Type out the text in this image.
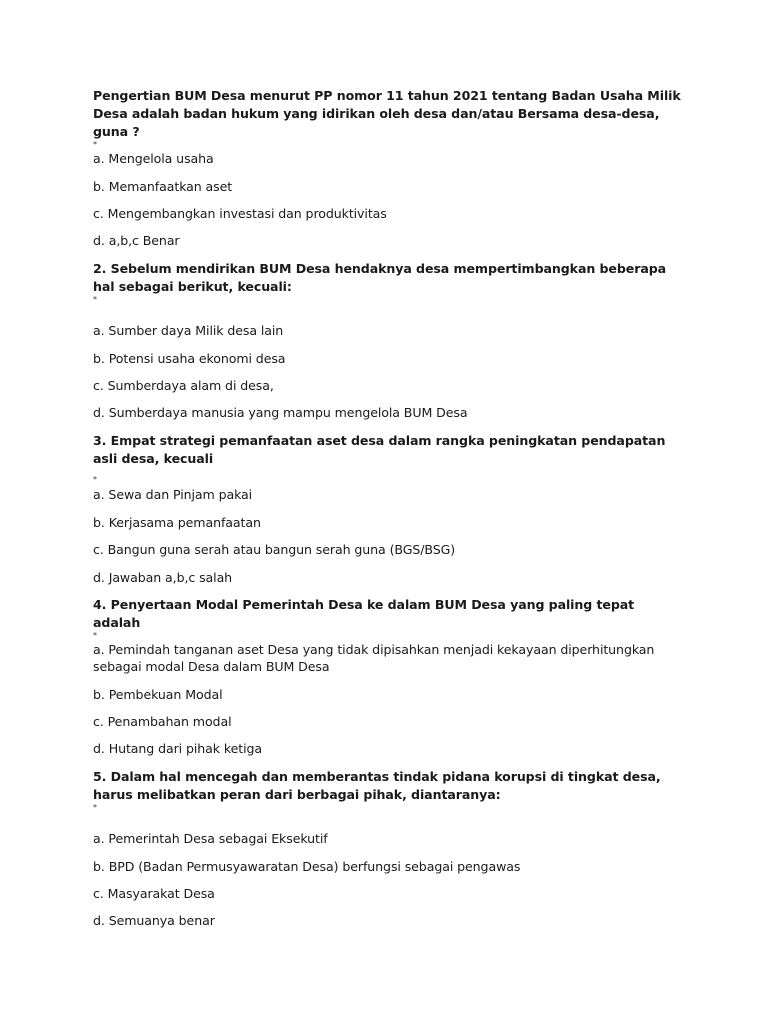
Pengertian BUM Desa menurut PP nomor 11 tahun 2021 tentang Badan Usaha Milik Desa adalah badan hukum yang idirikan oleh desa dan/atau Bersama desa-desa, guna ?

*

a. Mengelola usaha

b. Memanfaatkan aset

c. Mengembangkan investasi dan produktivitas

d. a,b,c Benar

2. Sebelum mendirikan BUM Desa hendaknya desa mempertimbangkan beberapa hal sebagai berikut, kecuali:

*

a. Sumber daya Milik desa lain

b. Potensi usaha ekonomi desa

c. Sumberdaya alam di desa,

d. Sumberdaya manusia yang mampu mengelola BUM Desa

3. Empat strategi pemanfaatan aset desa dalam rangka peningkatan pendapatan asli desa, kecuali

*

a. Sewa dan Pinjam pakai

b. Kerjasama pemanfaatan

c. Bangun guna serah atau bangun serah guna (BGS/BSG)

d. Jawaban a,b,c salah

4. Penyertaan Modal Pemerintah Desa ke dalam BUM Desa yang paling tepat adalah

*

a. Pemindah tanganan aset Desa yang tidak dipisahkan menjadi kekayaan diperhitungkan sebagai modal Desa dalam BUM Desa

b. Pembekuan Modal

c. Penambahan modal

d. Hutang dari pihak ketiga

5. Dalam hal mencegah dan memberantas tindak pidana korupsi di tingkat desa, harus melibatkan peran dari berbagai pihak, diantaranya:

*

a. Pemerintah Desa sebagai Eksekutif

b. BPD (Badan Permusyawaratan Desa) berfungsi sebagai pengawas

c. Masyarakat Desa

d. Semuanya benar
